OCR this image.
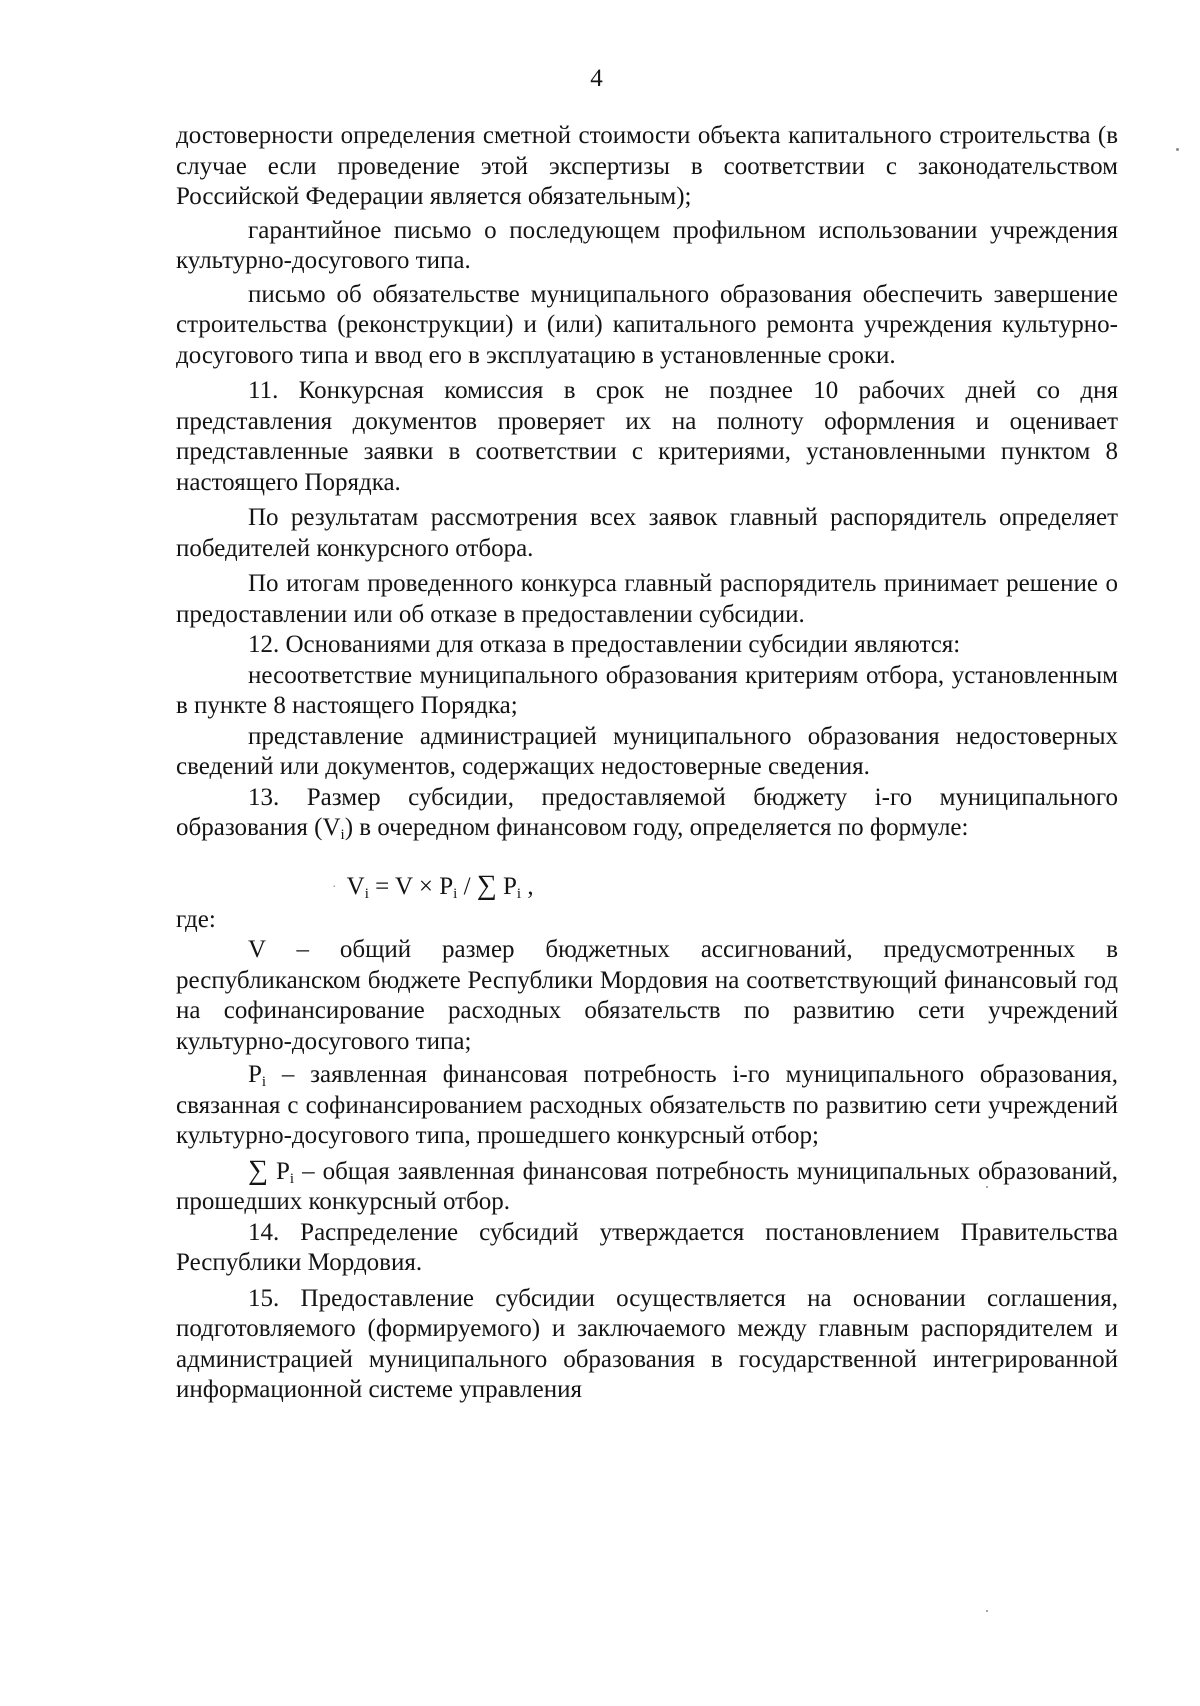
4

достоверности определения сметной стоимости объекта капитального строительства (в случае если проведение этой экспертизы в соответствии с законодательством Российской Федерации является обязательным);

гарантийное письмо о последующем профильном использовании учреждения культурно-досугового типа.

письмо об обязательстве муниципального образования обеспечить завершение строительства (реконструкции) и (или) капитального ремонта учреждения культурно-досугового типа и ввод его в эксплуатацию в установленные сроки.

11. Конкурсная комиссия в срок не позднее 10 рабочих дней со дня представления документов проверяет их на полноту оформления и оценивает представленные заявки в соответствии с критериями, установленными пунктом 8 настоящего Порядка.

По результатам рассмотрения всех заявок главный распорядитель определяет победителей конкурсного отбора.

По итогам проведенного конкурса главный распорядитель принимает решение о предоставлении или об отказе в предоставлении субсидии.

12. Основаниями для отказа в предоставлении субсидии являются:

несоответствие муниципального образования критериям отбора, установленным в пункте 8 настоящего Порядка;

представление администрацией муниципального образования недостоверных сведений или документов, содержащих недостоверные сведения.

13. Размер субсидии, предоставляемой бюджету i-го муниципального образования $(V_i)$ в очередном финансовом году, определяется по формуле:

· $V_i = V \times P_i$ / ∑ $P_i$ ,

где:

V – общий размер бюджетных ассигнований, предусмотренных в республиканском бюджете Республики Мордовия на соответствующий финансовый год на софинансирование расходных обязательств по развитию сети учреждений культурно-досугового типа;

$P_i$ – заявленная финансовая потребность i-го муниципального образования, связанная с софинансированием расходных обязательств по развитию сети учреждений культурно-досугового типа, прошедшего конкурсный отбор;

∑ $P_i$ – общая заявленная финансовая потребность муниципальных образований, прошедших конкурсный отбор.

14. Распределение субсидий утверждается постановлением Правительства Республики Мордовия.

15. Предоставление субсидии осуществляется на основании соглашения, подготовляемого (формируемого) и заключаемого между главным распорядителем и администрацией муниципального образования в государственной интегрированной информационной системе управления
